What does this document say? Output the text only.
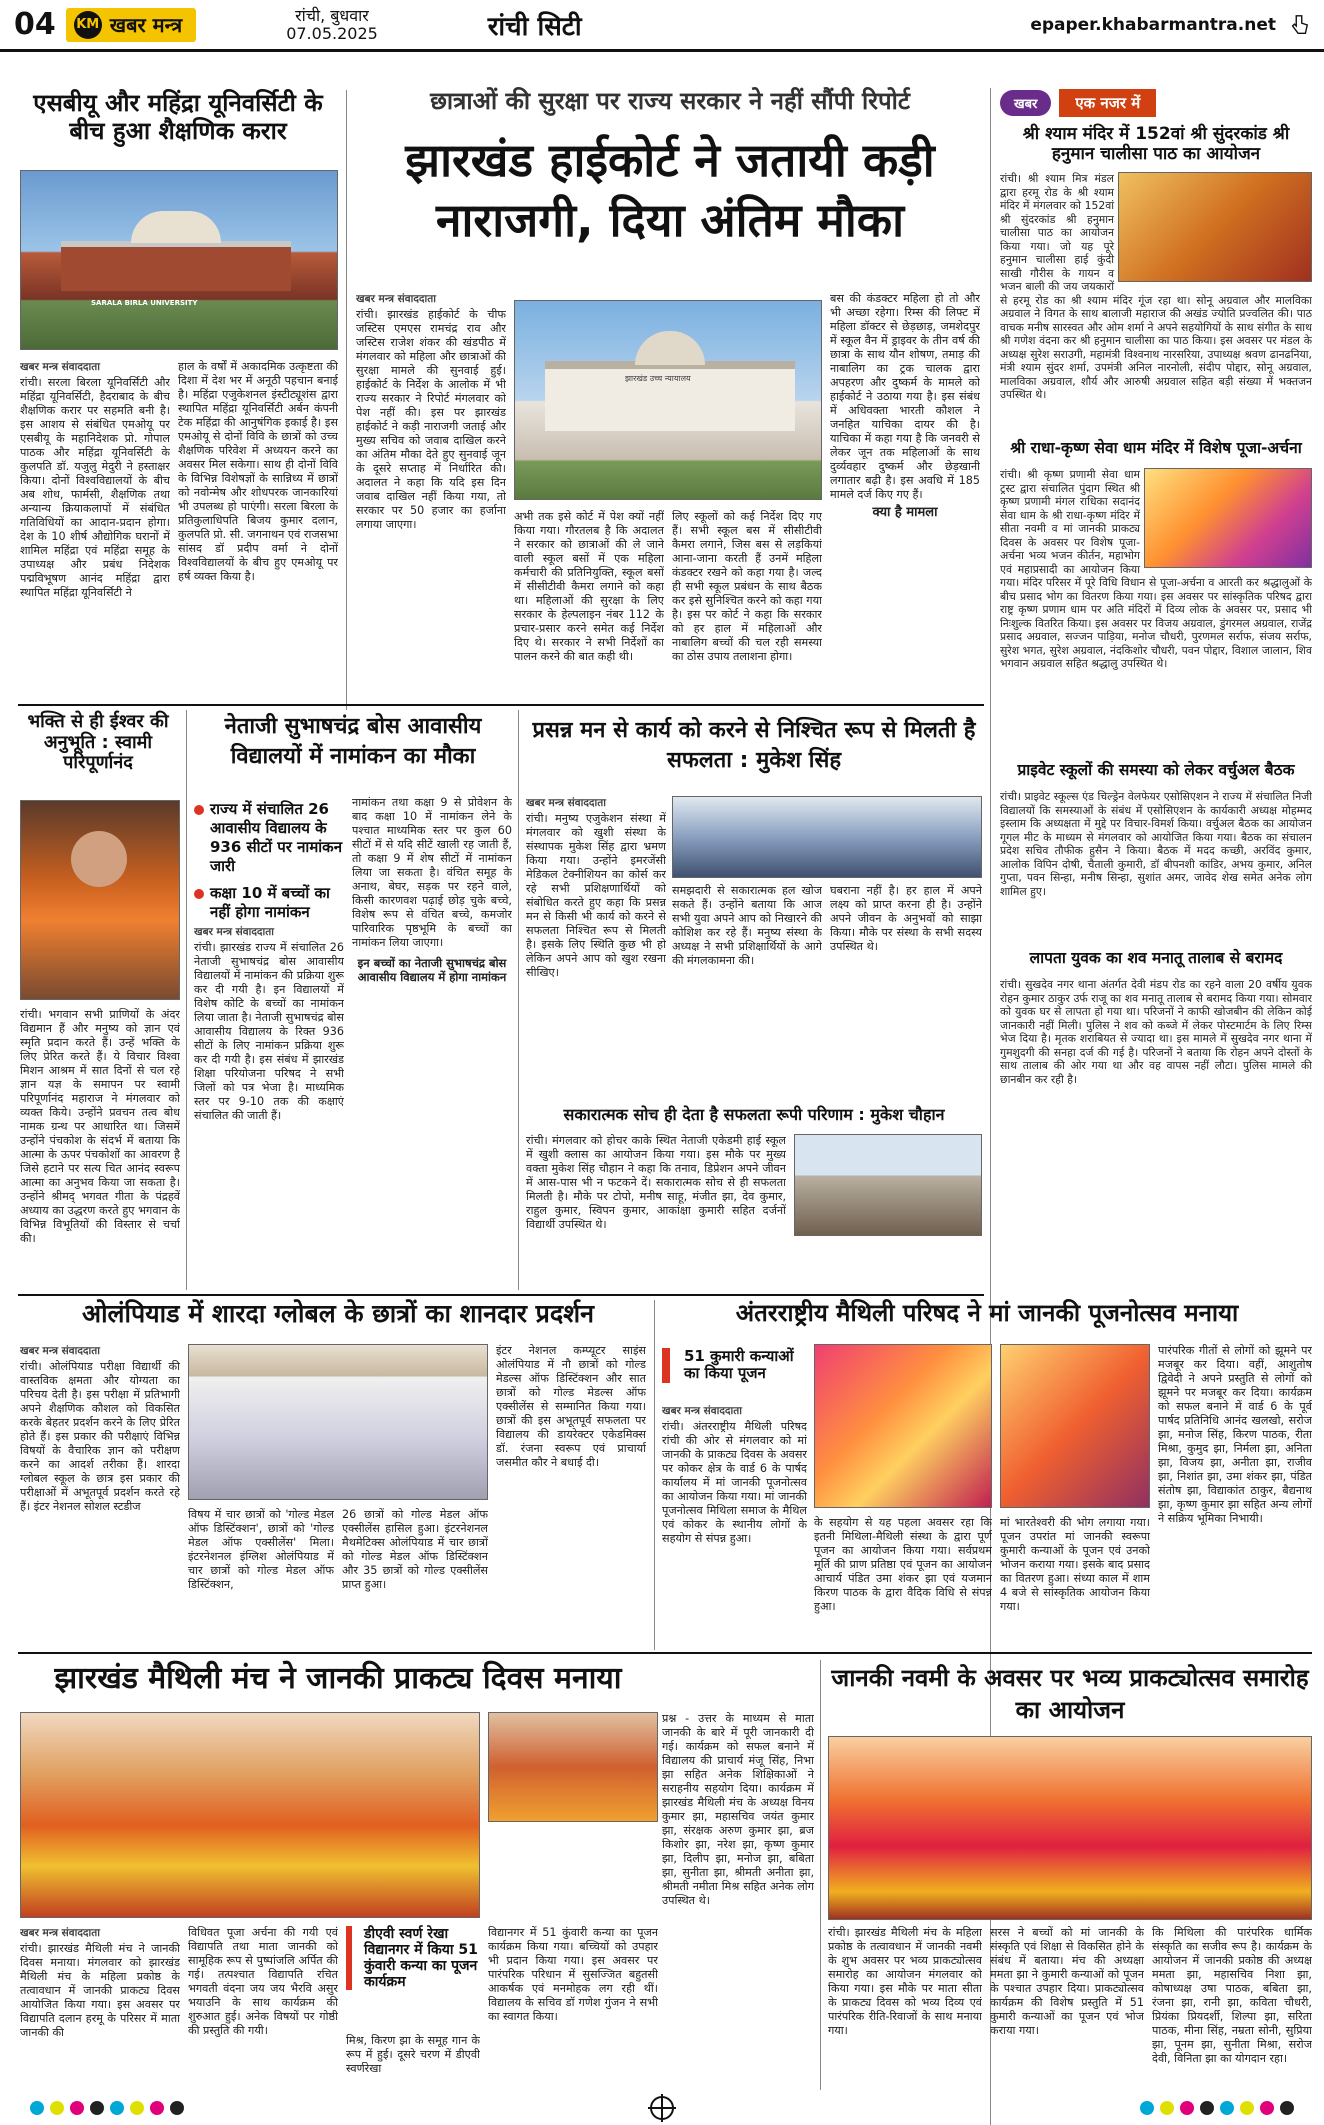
04	KM खबर मन्त्र	रांची, बुधवार
07.05.2025	रांची सिटी	epaper.khabarmantra.net
एसबीयू और महिंद्रा यूनिवर्सिटी के बीच हुआ शैक्षणिक करार
SARALA BIRLA UNIVERSITY
खबर मन्त्र संवाददाता
रांची। सरला बिरला यूनिवर्सिटी और महिंद्रा यूनिवर्सिटी, हैदराबाद के बीच शैक्षणिक करार पर सहमति बनी है। इस आशय से संबंधित एमओयू पर एसबीयू के महानिदेशक प्रो. गोपाल पाठक और महिंद्रा यूनिवर्सिटी के कुलपति डॉ. यजुलु मेदुरी ने हस्ताक्षर किया। दोनों विश्वविद्यालयों के बीच अब शोध, फार्मसी, शैक्षणिक तथा अन्यान्य क्रियाकलापों में संबंधित गतिविधियों का आदान-प्रदान होगा। देश के 10 शीर्ष औद्योगिक घरानों में शामिल महिंद्रा एवं महिंद्रा समूह के उपाध्यक्ष और प्रबंध निदेशक पद्मविभूषण आनंद महिंद्रा द्वारा स्थापित महिंद्रा यूनिवर्सिटी ने
हाल के वर्षों में अकादमिक उत्कृष्टता की दिशा में देश भर में अनूठी पहचान बनाई है। महिंद्रा एजुकेशनल इंस्टीट्यूशंस द्वारा स्थापित महिंद्रा यूनिवर्सिटी अर्बन कंपनी टेक महिंद्रा की आनुषंगिक इकाई है। इस एमओयू से दोनों विवि के छात्रों को उच्च शैक्षणिक परिवेश में अध्ययन करने का अवसर मिल सकेगा। साथ ही दोनों विवि के विभिन्न विशेषज्ञों के सान्निध्य में छात्रों को नवोन्मेष और शोधपरक जानकारियां भी उपलब्ध हो पाएंगी। सरला बिरला के प्रतिकुलाधिपति बिजय कुमार दलान, कुलपति प्रो. सी. जगनाथन एवं राजसभा सांसद डॉ प्रदीप वर्मा ने दोनों विश्वविद्यालयों के बीच हुए एमओयू पर हर्ष व्यक्त किया है।
छात्राओं की सुरक्षा पर राज्य सरकार ने नहीं सौंपी रिपोर्ट
झारखंड हाईकोर्ट ने जतायी कड़ी नाराजगी, दिया अंतिम मौका
खबर मन्त्र संवाददाता
रांची। झारखंड हाईकोर्ट के चीफ जस्टिस एमएस रामचंद्र राव और जस्टिस राजेश शंकर की खंडपीठ में मंगलवार को महिला और छात्राओं की सुरक्षा मामले की सुनवाई हुई। हाईकोर्ट के निर्देश के आलोक में भी राज्य सरकार ने रिपोर्ट मंगलवार को पेश नहीं की। इस पर झारखंड हाईकोर्ट ने कड़ी नाराजगी जताई और मुख्य सचिव को जवाब दाखिल करने का अंतिम मौका देते हुए सुनवाई जून के दूसरे सप्ताह में निर्धारित की। अदालत ने कहा कि यदि इस दिन जवाब दाखिल नहीं किया गया, तो सरकार पर 50 हजार का हर्जाना लगाया जाएगा।
झारखंड उच्च न्यायालय
अभी तक इसे कोर्ट में पेश क्यों नहीं किया गया। गौरतलब है कि अदालत ने सरकार को छात्राओं की ले जाने वाली स्कूल बसों में एक महिला कर्मचारी की प्रतिनियुक्ति, स्कूल बसों में सीसीटीवी कैमरा लगाने को कहा था। महिलाओं की सुरक्षा के लिए सरकार के हेल्पलाइन नंबर 112 के प्रचार-प्रसार करने समेत कई निर्देश दिए थे। सरकार ने सभी निर्देशों का पालन करने की बात कही थी।
लिए स्कूलों को कई निर्देश दिए गए हैं। सभी स्कूल बस में सीसीटीवी कैमरा लगाने, जिस बस से लड़कियां आना-जाना करती हैं उनमें महिला कंडक्टर रखने को कहा गया है। जल्द ही सभी स्कूल प्रबंधन के साथ बैठक कर इसे सुनिश्चित करने को कहा गया है। इस पर कोर्ट ने कहा कि सरकार को हर हाल में महिलाओं और नाबालिग बच्चों की चल रही समस्या का ठोस उपाय तलाशना होगा।
बस की कंडक्टर महिला हो तो और भी अच्छा रहेगा। रिम्स की लिफ्ट में महिला डॉक्टर से छेड़छाड़, जमशेदपुर में स्कूल वैन में ड्राइवर के तीन वर्ष की छात्रा के साथ यौन शोषण, तमाड़ की नाबालिग का ट्रक चालक द्वारा अपहरण और दुष्कर्म के मामले को हाईकोर्ट ने उठाया गया है। इस संबंध में अधिवक्ता भारती कौशल ने जनहित याचिका दायर की है। याचिका में कहा गया है कि जनवरी से लेकर जून तक महिलाओं के साथ दुर्व्यवहार दुष्कर्म और छेड़खानी लगातार बढ़ी है। इस अवधि में 185 मामले दर्ज किए गए हैं।
क्या है मामला
खबर	एक नजर में
श्री श्याम मंदिर में 152वां श्री सुंदरकांड श्री हनुमान चालीसा पाठ का आयोजन
रांची। श्री श्याम मित्र मंडल द्वारा हरमू रोड के श्री श्याम मंदिर में मंगलवार को 152वां श्री सुंदरकांड श्री हनुमान चालीसा पाठ का आयोजन किया गया। जो यह पूरे हनुमान चालीसा हाई कुंदी साखी गौरीस के गायन व भजन बाली की जय जयकारों से हरमू रोड का श्री श्याम मंदिर गूंज रहा था। सोनू अग्रवाल और मालविका अग्रवाल ने विगत के साथ बालाजी महाराज की अखंड ज्योति प्रज्वलित की। पाठ वाचक मनीष सारस्वत और ओम शर्मा ने अपने सहयोगियों के साथ संगीत के साथ श्री गणेश वंदना कर श्री हनुमान चालीसा का पाठ किया। इस अवसर पर मंडल के अध्यक्ष सुरेश सराउगी, महामंत्री विश्वनाथ नारसरिया, उपाध्यक्ष श्रवण ढानढनिया, मंत्री श्याम सुंदर शर्मा, उपमंत्री अनिल नारनोली, संदीप पोद्दार, सोनू अग्रवाल, मालविका अग्रवाल, शौर्य और आरुषी अग्रवाल सहित बड़ी संख्या में भक्तजन उपस्थित थे।
श्री राधा-कृष्ण सेवा धाम मंदिर में विशेष पूजा-अर्चना
रांची। श्री कृष्ण प्रणामी सेवा धाम ट्रस्ट द्वारा संचालित पुंदाग स्थित श्री कृष्ण प्रणामी मंगल राधिका सदानंद सेवा धाम के श्री राधा-कृष्ण मंदिर में सीता नवमी व मां जानकी प्राकट्य दिवस के अवसर पर विशेष पूजा-अर्चना भव्य भजन कीर्तन, महाभोग एवं महाप्रसादी का आयोजन किया गया। मंदिर परिसर में पूरे विधि विधान से पूजा-अर्चना व आरती कर श्रद्धालुओं के बीच प्रसाद भोग का वितरण किया गया। इस अवसर पर सांस्कृतिक परिषद द्वारा राष्ट्र कृष्ण प्रणाम धाम पर अति मंदिरों में दिव्य लोक के अवसर पर, प्रसाद भी निःशुल्क वितरित किया। इस अवसर पर विजय अग्रवाल, डुंगरमल अग्रवाल, राजेंद्र प्रसाद अग्रवाल, सज्जन पाड़िया, मनोज चौधरी, पुरणमल सर्राफ, संजय सर्राफ, सुरेश भगत, सुरेश अग्रवाल, नंदकिशोर चौधरी, पवन पोद्दार, विशाल जालान, शिव भगवान अग्रवाल सहित श्रद्धालु उपस्थित थे।
प्राइवेट स्कूलों की समस्या को लेकर वर्चुअल बैठक
रांची। प्राइवेट स्कूल्स एंड चिल्ड्रेन वेलफेयर एसोसिएशन ने राज्य में संचालित निजी विद्यालयों कि समस्याओं के संबंध में एसोसिएशन के कार्यकारी अध्यक्ष मोहम्मद इस्लाम कि अध्यक्षता में मुद्दे पर विचार-विमर्श किया। वर्चुअल बैठक का आयोजन गूगल मीट के माध्यम से मंगलवार को आयोजित किया गया। बैठक का संचालन प्रदेश सचिव तौफीक हुसैन ने किया। बैठक में मदद कच्छी, अरविंद कुमार, आलोक विपिन दोषी, चैताली कुमारी, डॉ बीपनशी कांडिर, अभय कुमार, अनिल गुप्ता, पवन सिन्हा, मनीष सिन्हा, सुशांत अमर, जावेद शेख समेत अनेक लोग शामिल हुए।
लापता युवक का शव मनातू तालाब से बरामद
रांची। सुखदेव नगर थाना अंतर्गत देवी मंडप रोड का रहने वाला 20 वर्षीय युवक रोहन कुमार ठाकुर उर्फ राजू का शव मनातू तालाब से बरामद किया गया। सोमवार को युवक घर से लापता हो गया था। परिजनों ने काफी खोजबीन की लेकिन कोई जानकारी नहीं मिली। पुलिस ने शव को कब्जे में लेकर पोस्टमार्टम के लिए रिम्स भेज दिया है। मृतक शराबियत से ज्यादा था। इस मामले में सुखदेव नगर थाना में गुमशुदगी की सनहा दर्ज की गई है। परिजनों ने बताया कि रोहन अपने दोस्तों के साथ तालाब की ओर गया था और वह वापस नहीं लौटा। पुलिस मामले की छानबीन कर रही है।
भक्ति से ही ईश्वर की अनुभूति : स्वामी परिपूर्णानंद
रांची। भगवान सभी प्राणियों के अंदर विद्यमान हैं और मनुष्य को ज्ञान एवं स्मृति प्रदान करते हैं। उन्हें भक्ति के लिए प्रेरित करते हैं। ये विचार विश्वा मिशन आश्रम में सात दिनों से चल रहे ज्ञान यज्ञ के समापन पर स्वामी परिपूर्णानंद महाराज ने मंगलवार को व्यक्त किये। उन्होंने प्रवचन तत्व बोध नामक ग्रन्थ पर आधारित था। जिसमें उन्होंने पंचकोश के संदर्भ में बताया कि आत्मा के ऊपर पंचकोशों का आवरण है जिसे हटाने पर सत्य चित आनंद स्वरूप आत्मा का अनुभव किया जा सकता है। उन्होंने श्रीमद् भगवत गीता के पंद्रहवें अध्याय का उद्धरण करते हुए भगवान के विभिन्न विभूतियों की विस्तार से चर्चा की।
नेताजी सुभाषचंद्र बोस आवासीय विद्यालयों में नामांकन का मौका
राज्य में संचालित 26 आवासीय विद्यालय के 936 सीटों पर नामांकन जारी
कक्षा 10 में बच्चों का नहीं होगा नामांकन
खबर मन्त्र संवाददाता
रांची। झारखंड राज्य में संचालित 26 नेताजी सुभाषचंद्र बोस आवासीय विद्यालयों में नामांकन की प्रक्रिया शुरू कर दी गयी है। इन विद्यालयों में विशेष कोटि के बच्चों का नामांकन लिया जाता है। नेताजी सुभाषचंद्र बोस आवासीय विद्यालय के रिक्त 936 सीटों के लिए नामांकन प्रक्रिया शुरू कर दी गयी है। इस संबंध में झारखंड शिक्षा परियोजना परिषद ने सभी जिलों को पत्र भेजा है। माध्यमिक स्तर पर 9-10 तक की कक्षाएं संचालित की जाती हैं।
नामांकन तथा कक्षा 9 से प्रोवेशन के बाद कक्षा 10 में नामांकन लेने के पश्चात माध्यमिक स्तर पर कुल 60 सीटों में से यदि सीटें खाली रह जाती हैं, तो कक्षा 9 में शेष सीटों में नामांकन लिया जा सकता है। वंचित समूह के अनाथ, बेघर, सड़क पर रहने वाले, किसी कारणवश पढ़ाई छोड़ चुके बच्चे, विशेष रूप से वंचित बच्चे, कमजोर पारिवारिक पृष्ठभूमि के बच्चों का नामांकन लिया जाएगा।
इन बच्चों का नेताजी सुभाषचंद्र बोस आवासीय विद्यालय में होगा नामांकन
प्रसन्न मन से कार्य को करने से निश्चित रूप से मिलती है सफलता : मुकेश सिंह
खबर मन्त्र संवाददाता
रांची। मनुष्य एजुकेशन संस्था में मंगलवार को खुशी संस्था के संस्थापक मुकेश सिंह द्वारा भ्रमण किया गया। उन्होंने इमरजेंसी मेडिकल टेक्नीशियन का कोर्स कर रहे सभी प्रशिक्षणार्थियों को संबोधित करते हुए कहा कि प्रसन्न मन से किसी भी कार्य को करने से सफलता निश्चित रूप से मिलती है। इसके लिए स्थिति कुछ भी हो लेकिन अपने आप को खुश रखना सीखिए।
समझदारी से सकारात्मक हल खोज सकते हैं। उन्होंने बताया कि आज सभी युवा अपने आप को निखारने की कोशिश कर रहे हैं। मनुष्य संस्था के अध्यक्ष ने सभी प्रशिक्षार्थियों के आगे की मंगलकामना की।
घबराना नहीं है। हर हाल में अपने लक्ष्य को प्राप्त करना ही है। उन्होंने अपने जीवन के अनुभवों को साझा किया। मौके पर संस्था के सभी सदस्य उपस्थित थे।
सकारात्मक सोच ही देता है सफलता रूपी परिणाम : मुकेश चौहान
रांची। मंगलवार को होचर काके स्थित नेताजी एकेडमी हाई स्कूल में खुशी क्लास का आयोजन किया गया। इस मौके पर मुख्य वक्ता मुकेश सिंह चौहान ने कहा कि तनाव, डिप्रेशन अपने जीवन में आस-पास भी न फटकने दें। सकारात्मक सोच से ही सफलता मिलती है। मौके पर टोपो, मनीष साहू, मंजीत झा, देव कुमार, राहुल कुमार, स्विपन कुमार, आकांक्षा कुमारी सहित दर्जनों विद्यार्थी उपस्थित थे।
ओलंपियाड में शारदा ग्लोबल के छात्रों का शानदार प्रदर्शन
खबर मन्त्र संवाददाता
रांची। ओलंपियाड परीक्षा विद्यार्थी की वास्तविक क्षमता और योग्यता का परिचय देती है। इस परीक्षा में प्रतिभागी अपने शैक्षणिक कौशल को विकसित करके बेहतर प्रदर्शन करने के लिए प्रेरित होते हैं। इस प्रकार की परीक्षाएं विभिन्न विषयों के वैचारिक ज्ञान को परीक्षण करने का आदर्श तरीका हैं। शारदा ग्लोबल स्कूल के छात्र इस प्रकार की परीक्षाओं में अभूतपूर्व प्रदर्शन करते रहे हैं। इंटर नेशनल सोशल स्टडीज
विषय में चार छात्रों को 'गोल्ड मेडल ऑफ डिस्टिंक्शन', छात्रों को 'गोल्ड मेडल ऑफ एक्सीलेंस' मिला। इंटरनेशनल इंग्लिश ओलंपियाड में चार छात्रों को गोल्ड मेडल ऑफ डिस्टिंक्शन,
26 छात्रों को गोल्ड मेडल ऑफ एक्सीलेंस हासिल हुआ। इंटरनेशनल मैथमेटिक्स ओलंपियाड में चार छात्रों को गोल्ड मेडल ऑफ डिस्टिंक्शन और 35 छात्रों को गोल्ड एक्सीलेंस प्राप्त हुआ।
इंटर नेशनल कम्प्यूटर साइंस ओलंपियाड में नौ छात्रों को गोल्ड मेडल्स ऑफ डिस्टिंक्शन और सात छात्रों को गोल्ड मेडल्स ऑफ एक्सीलेंस से सम्मानित किया गया। छात्रों की इस अभूतपूर्व सफलता पर विद्यालय की डायरेक्टर एकेडमिक्स डॉ. रंजना स्वरूप एवं प्राचार्या जसमीत कौर ने बधाई दी।
अंतरराष्ट्रीय मैथिली परिषद ने मां जानकी पूजनोत्सव मनाया
51 कुमारी कन्याओं का किया पूजन
खबर मन्त्र संवाददाता
रांची। अंतरराष्ट्रीय मैथिली परिषद रांची की ओर से मंगलवार को मां जानकी के प्राकट्य दिवस के अवसर पर कोकर क्षेत्र के वार्ड 6 के पार्षद कार्यालय में मां जानकी पूजनोत्सव का आयोजन किया गया। मां जानकी पूजनोत्सव मिथिला समाज के मैथिल एवं कोकर के स्थानीय लोगों के सहयोग से संपन्न हुआ।
के सहयोग से यह पहला अवसर रहा कि इतनी मिथिला-मैथिली संस्था के द्वारा पूर्ण पूजन का आयोजन किया गया। सर्वप्रथम मूर्ति की प्राण प्रतिष्ठा एवं पूजन का आयोजन आचार्य पंडित उमा शंकर झा एवं यजमान किरण पाठक के द्वारा वैदिक विधि से संपन्न हुआ।
मां भारतेश्वरी की भोग लगाया गया। पूजन उपरांत मां जानकी स्वरूपा कुमारी कन्याओं के पूजन एवं उनको भोजन कराया गया। इसके बाद प्रसाद का वितरण हुआ। संध्या काल में शाम 4 बजे से सांस्कृतिक आयोजन किया गया।
पारंपरिक गीतों से लोगों को झूमने पर मजबूर कर दिया। वहीं, आशुतोष द्विवेदी ने अपने प्रस्तुति से लोगों को झूमने पर मजबूर कर दिया। कार्यक्रम को सफल बनाने में वार्ड 6 के पूर्व पार्षद प्रतिनिधि आनंद खलखो, सरोज झा, मनोज सिंह, किरण पाठक, रीता मिश्रा, कुमुद झा, निर्मला झा, अनिता झा, विजय झा, अनीता झा, राजीव झा, निशांत झा, उमा शंकर झा, पंडित संतोष झा, विद्याकांत ठाकुर, बैद्यनाथ झा, कृष्ण कुमार झा सहित अन्य लोगों ने सक्रिय भूमिका निभायी।
झारखंड मैथिली मंच ने जानकी प्राकट्य दिवस मनाया
खबर मन्त्र संवाददाता
रांची। झारखंड मैथिली मंच ने जानकी दिवस मनाया। मंगलवार को झारखंड मैथिली मंच के महिला प्रकोष्ठ के तत्वावधान में जानकी प्राकट्य दिवस आयोजित किया गया। इस अवसर पर विद्यापति दलान हरमू के परिसर में माता जानकी की
विधिवत पूजा अर्चना की गयी एवं विद्यापति तथा माता जानकी को सामूहिक रूप से पुष्पांजलि अर्पित की गई। तत्पश्चात विद्यापति रचित भगवती वंदना जय जय भैरवि असुर भयाउनि के साथ कार्यक्रम की शुरुआत हुई। अनेक विषयों पर गोष्ठी की प्रस्तुति की गयी।
डीएवी स्वर्ण रेखा विद्यानगर में किया 51 कुंवारी कन्या का पूजन कार्यक्रम
मिश्र, किरण झा के समूह गान के रूप में हुई। दूसरे चरण में डीएवी स्वर्णरेखा
विद्यानगर में 51 कुंवारी कन्या का पूजन कार्यक्रम किया गया। बच्चियों को उपहार भी प्रदान किया गया। इस अवसर पर पारंपरिक परिधान में सुसज्जित बहुतसी आकर्षक एवं मनमोहक लग रही थीं। विद्यालय के सचिव डॉ गणेश गुंजन ने सभी का स्वागत किया।
प्रश्न - उत्तर के माध्यम से माता जानकी के बारे में पूरी जानकारी दी गई। कार्यक्रम को सफल बनाने में विद्यालय की प्राचार्य मंजू सिंह, निभा झा सहित अनेक शिक्षिकाओं ने सराहनीय सहयोग दिया। कार्यक्रम में झारखंड मैथिली मंच के अध्यक्ष विनय कुमार झा, महासचिव जयंत कुमार झा, संरक्षक अरुण कुमार झा, ब्रज किशोर झा, नरेश झा, कृष्ण कुमार झा, दिलीप झा, मनोज झा, बबिता झा, सुनीता झा, श्रीमती अनीता झा, श्रीमती नमीता मिश्र सहित अनेक लोग उपस्थित थे।
जानकी नवमी के अवसर पर भव्य प्राकट्योत्सव समारोह का आयोजन
रांची। झारखंड मैथिली मंच के महिला प्रकोष्ठ के तत्वावधान में जानकी नवमी के शुभ अवसर पर भव्य प्राकट्योत्सव समारोह का आयोजन मंगलवार को किया गया। इस मौके पर माता सीता के प्राकट्य दिवस को भव्य दिव्य एवं पारंपरिक रीति-रिवाजों के साथ मनाया गया।
सरस ने बच्चों को मां जानकी के संस्कृति एवं शिक्षा से विकसित होने के संबंध में बताया। मंच की अध्यक्षा ममता झा ने कुमारी कन्याओं को पूजन के पश्चात उपहार दिया। प्राकट्योत्सव कार्यक्रम की विशेष प्रस्तुति में 51 कुमारी कन्याओं का पूजन एवं भोज कराया गया।
कि मिथिला की पारंपरिक धार्मिक संस्कृति का सजीव रूप है। कार्यक्रम के आयोजन में जानकी प्रकोष्ठ की अध्यक्ष ममता झा, महासचिव निशा झा, कोषाध्यक्ष उषा पाठक, बबिता झा, रंजना झा, रानी झा, कविता चौधरी, प्रियंका प्रियदर्शी, शिल्पा झा, सरिता पाठक, मीना सिंह, नम्रता सोनी, सुप्रिया झा, पूनम झा, सुनीता मिश्रा, सरोज देवी, विनिता झा का योगदान रहा।
